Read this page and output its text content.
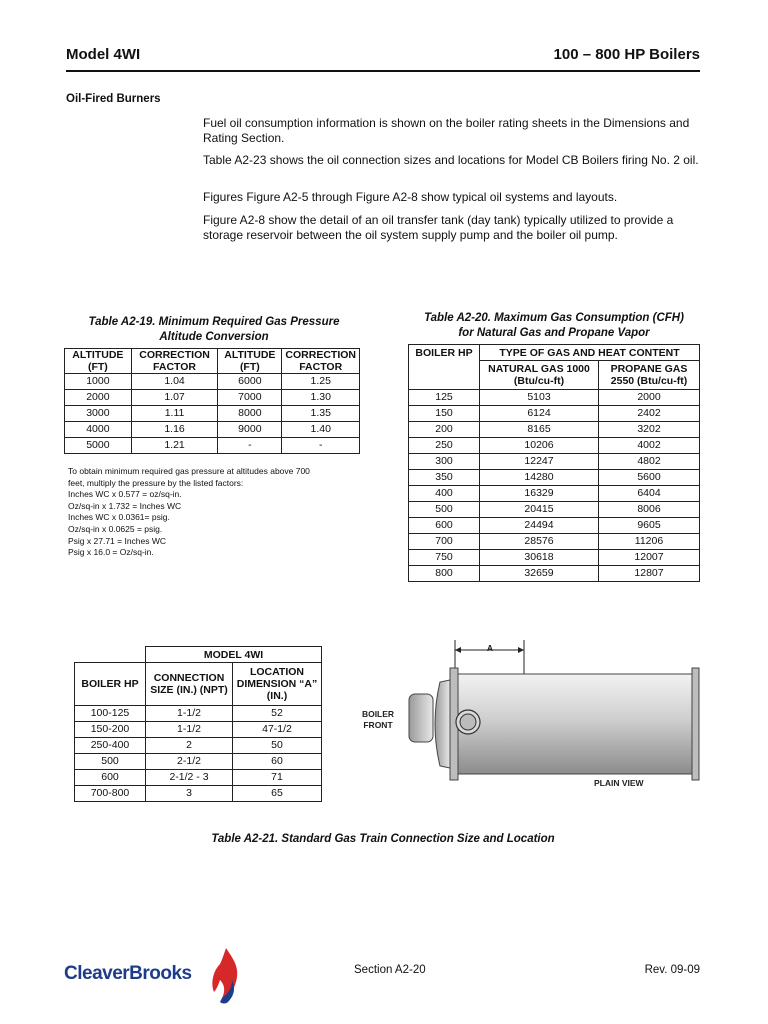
Model 4WI	100 – 800 HP Boilers
Oil-Fired Burners

Fuel oil consumption information is shown on the boiler rating sheets in the Dimensions and Rating Section.

Table A2-23 shows the oil connection sizes and locations for Model CB Boilers firing No. 2 oil.

Figures Figure A2-5 through Figure A2-8 show typical oil systems and layouts.

Figure A2-8 show the detail of an oil transfer tank (day tank) typically utilized to provide a storage reservoir between the oil system supply pump and the boiler oil pump.

Table A2-19. Minimum Required Gas Pressure
Altitude Conversion
ALTITUDE (FT)	CORRECTION FACTOR	ALTITUDE (FT)	CORRECTION FACTOR
1000	1.04	6000	1.25
2000	1.07	7000	1.30
3000	1.11	8000	1.35
4000	1.16	9000	1.40
5000	1.21	-	-
To obtain minimum required gas pressure at altitudes above 700
feet, multiply the pressure by the listed factors:
Inches WC x 0.577 = oz/sq-in.
Oz/sq-in x 1.732 = Inches WC
Inches WC x 0.0361= psig.
Oz/sq-in x 0.0625 = psig.
Psig x 27.71 = Inches WC
Psig x 16.0 = Oz/sq-in.
Table A2-20. Maximum Gas Consumption (CFH)
for Natural Gas and Propane Vapor
BOILER HP	TYPE OF GAS AND HEAT CONTENT	
	NATURAL GAS 1000 (Btu/cu-ft)	PROPANE GAS 2550 (Btu/cu-ft)
125	5103	2000
150	6124	2402
200	8165	3202
250	10206	4002
300	12247	4802
350	14280	5600
400	16329	6404
500	20415	8006
600	24494	9605
700	28576	11206
750	30618	12007
800	32659	12807
	MODEL 4WI	
BOILER HP	CONNECTION SIZE (IN.) (NPT)	LOCATION DIMENSION “A” (IN.)
100-125	1-1/2	52
150-200	1-1/2	47-1/2
250-400	2	50
500	2-1/2	60
600	2-1/2 - 3	71
700-800	3	65
BOILER FRONT
A
PLAIN VIEW
Table A2-21. Standard Gas Train Connection Size and Location
CleaverBrooks	Section A2-20	Rev. 09-09
